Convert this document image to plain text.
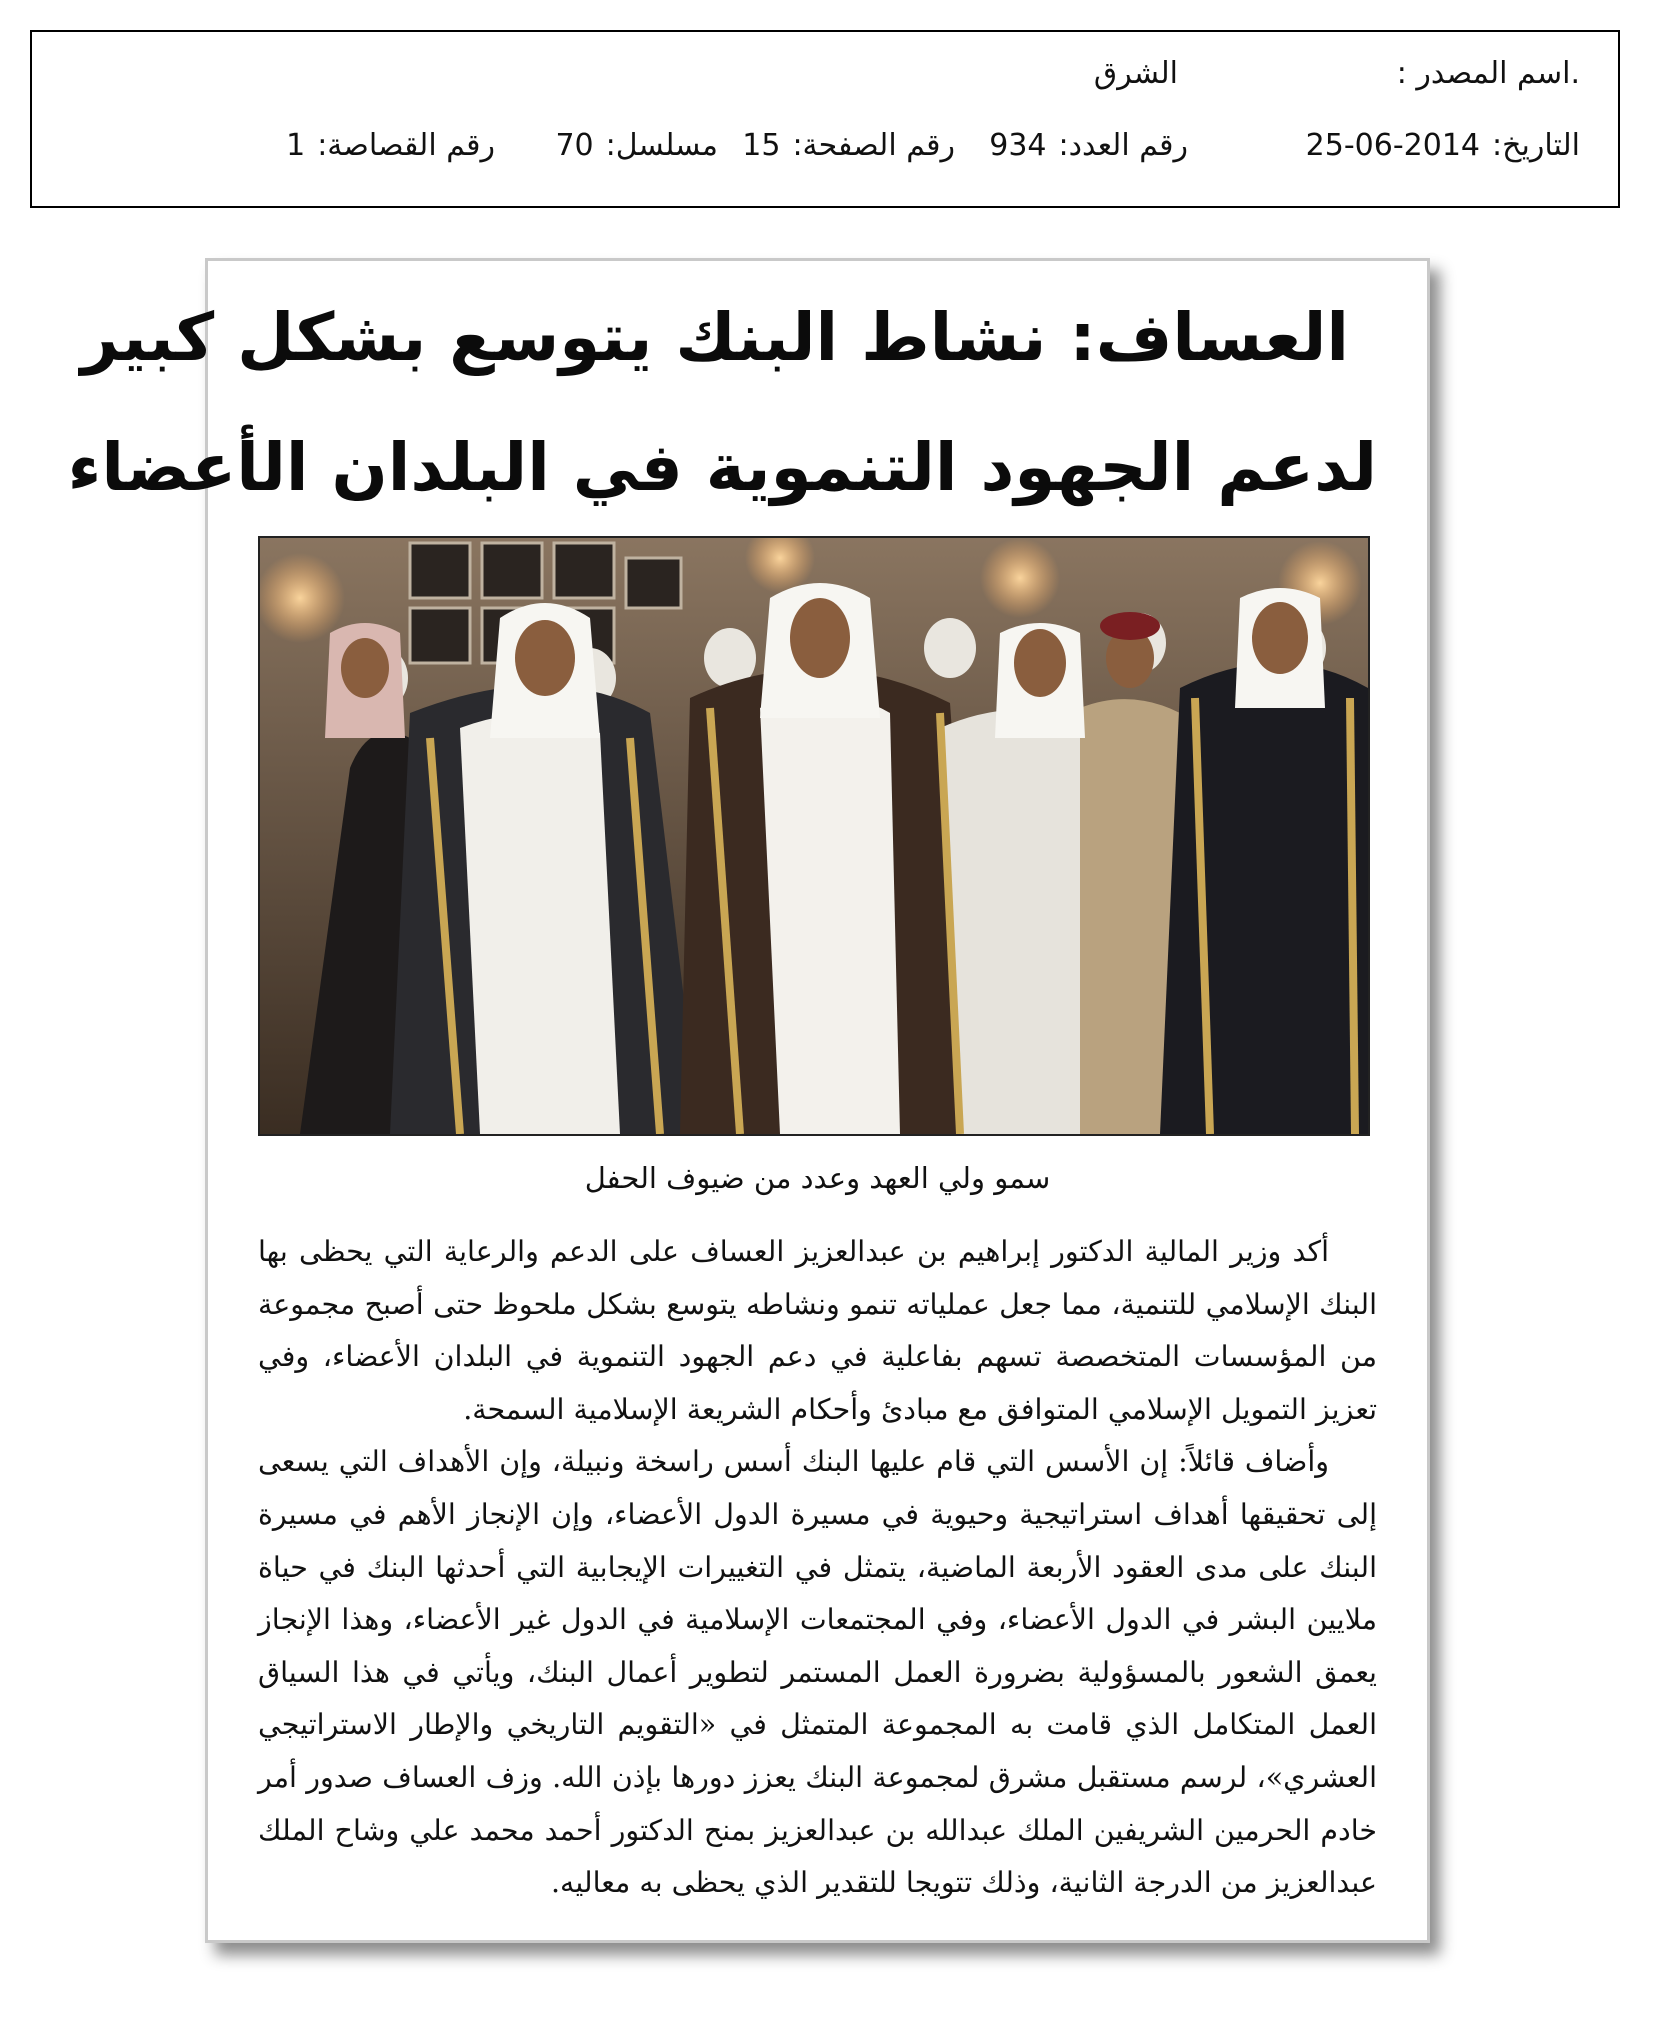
.اسم المصدر :
الشرق
التاريخ:2014-06-25
رقم العدد:934
رقم الصفحة:15
مسلسل:70
رقم القصاصة:1
العساف: نشاط البنك يتوسع بشكل كبير
لدعم الجهود التنموية في البلدان الأعضاء
سمو ولي العهد وعدد من ضيوف الحفل

أكد وزير المالية الدكتور إبراهيم بن عبدالعزيز العساف على الدعم والرعاية التي يحظى بها البنك الإسلامي للتنمية، مما جعل عملياته تنمو ونشاطه يتوسع بشكل ملحوظ حتى أصبح مجموعة من المؤسسات المتخصصة تسهم بفاعلية في دعم الجهود التنموية في البلدان الأعضاء، وفي تعزيز التمويل الإسلامي المتوافق مع مبادئ وأحكام الشريعة الإسلامية السمحة.

وأضاف قائلاً: إن الأسس التي قام عليها البنك أسس راسخة ونبيلة، وإن الأهداف التي يسعى إلى تحقيقها أهداف استراتيجية وحيوية في مسيرة الدول الأعضاء، وإن الإنجاز الأهم في مسيرة البنك على مدى العقود الأربعة الماضية، يتمثل في التغييرات الإيجابية التي أحدثها البنك في حياة ملايين البشر في الدول الأعضاء، وفي المجتمعات الإسلامية في الدول غير الأعضاء، وهذا الإنجاز يعمق الشعور بالمسؤولية بضرورة العمل المستمر لتطوير أعمال البنك، ويأتي في هذا السياق العمل المتكامل الذي قامت به المجموعة المتمثل في «التقويم التاريخي والإطار الاستراتيجي العشري»، لرسم مستقبل مشرق لمجموعة البنك يعزز دورها بإذن الله. وزف العساف صدور أمر خادم الحرمين الشريفين الملك عبدالله بن عبدالعزيز بمنح الدكتور أحمد محمد علي وشاح الملك عبدالعزيز من الدرجة الثانية، وذلك تتويجا للتقدير الذي يحظى به معاليه.
